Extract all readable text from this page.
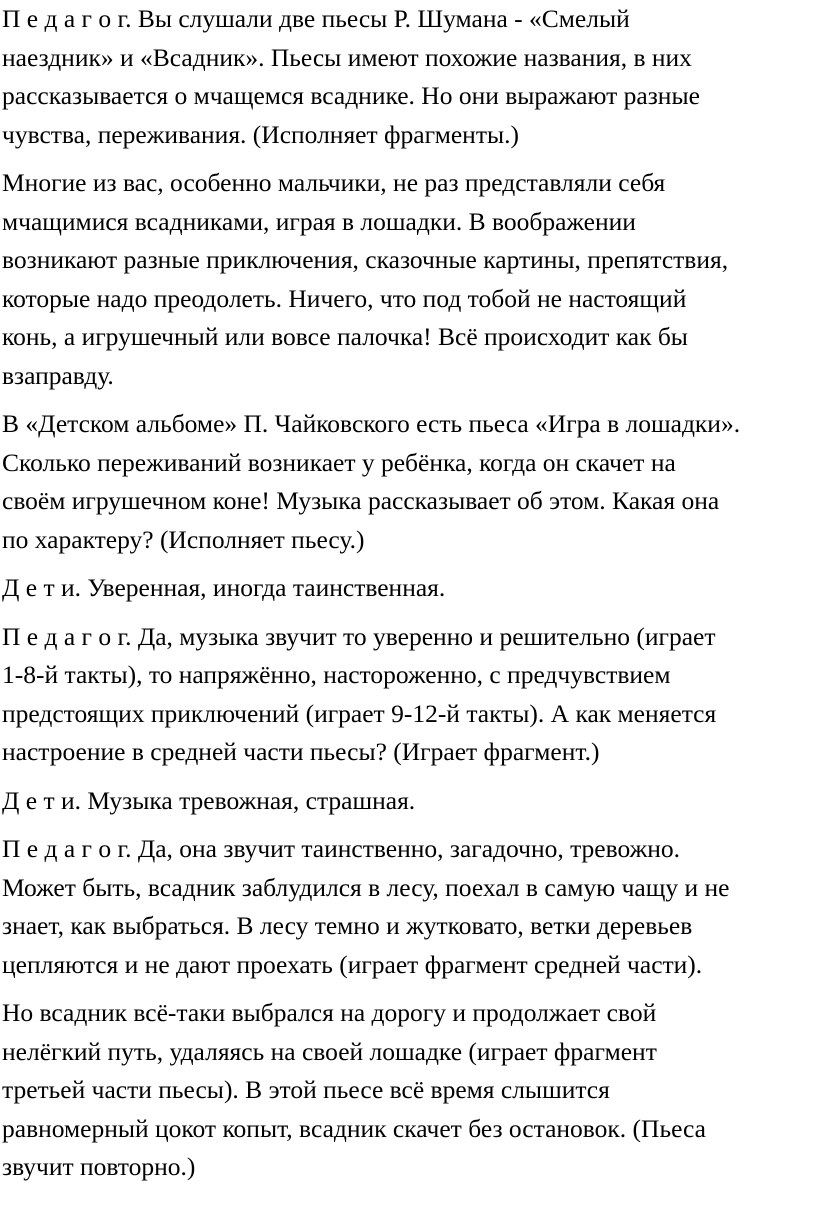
П е д а г о г. Вы слушали две пьесы Р. Шумана - «Смелый
наездник» и «Всадник». Пьесы имеют похожие названия, в них
рассказывается о мчащемся всаднике. Но они выражают разные
чувства, переживания. (Исполняет фрагменты.)
Многие из вас, особенно мальчики, не раз представляли себя
мчащимися всадниками, играя в лошадки. В воображении
возникают разные приключения, сказочные картины, препятствия,
которые надо преодолеть. Ничего, что под тобой не настоящий
конь, а игрушечный или вовсе палочка! Всё происходит как бы
взаправду.
В «Детском альбоме» П. Чайковского есть пьеса «Игра в лошадки».
Сколько переживаний возникает у ребёнка, когда он скачет на
своём игрушечном коне! Музыка рассказывает об этом. Какая она
по характеру? (Исполняет пьесу.)
Д е т и. Уверенная, иногда таинственная.
П е д а г о г. Да, музыка звучит то уверенно и решительно (играет
1-8-й такты), то напряжённо, настороженно, с предчувствием
предстоящих приключений (играет 9-12-й такты). А как меняется
настроение в средней части пьесы? (Играет фрагмент.)
Д е т и. Музыка тревожная, страшная.
П е д а г о г. Да, она звучит таинственно, загадочно, тревожно.
Может быть, всадник заблудился в лесу, поехал в самую чащу и не
знает, как выбраться. В лесу темно и жутковато, ветки деревьев
цепляются и не дают проехать (играет фрагмент средней части).
Но всадник всё-таки выбрался на дорогу и продолжает свой
нелёгкий путь, удаляясь на своей лошадке (играет фрагмент
третьей части пьесы). В этой пьесе всё время слышится
равномерный цокот копыт, всадник скачет без остановок. (Пьеса
звучит повторно.)
